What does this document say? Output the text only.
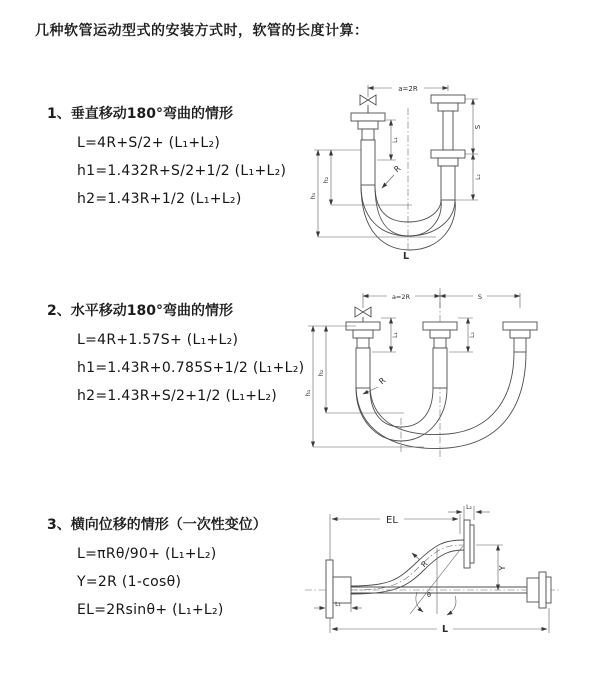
几种软管运动型式的安装方式时，软管的长度计算：
1、垂直移动180°弯曲的情形
L=4R+S/2+ (L₁+L₂)
h1=1.432R+S/2+1/2 (L₁+L₂)
h2=1.43R+1/2 (L₁+L₂)
2、水平移动180°弯曲的情形
L=4R+1.57S+ (L₁+L₂)
h1=1.43R+0.785S+1/2 (L₁+L₂)
h2=1.43R+S/2+1/2 (L₁+L₂)
3、横向位移的情形（一次性变位）
L=πRθ/90+ (L₁+L₂)
Y=2R (1-cosθ)
EL=2Rsinθ+ (L₁+L₂)
a=2R
S
L₂
h₁
h₂
L₁
R
L
a=2R	S
L₁	L₂
h₁
h₂
R
EL
L₂
Y
L
L₁
θ
R
